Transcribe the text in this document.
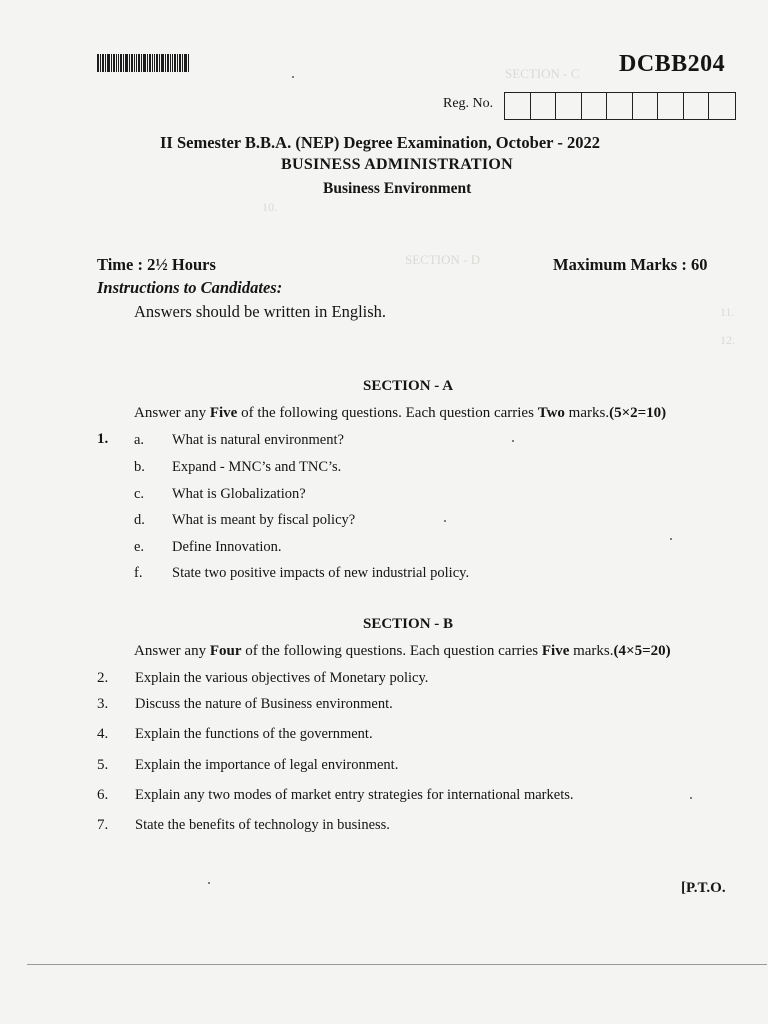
SECTION - C
10.
SECTION - D
11.
12.
DCBB204
Reg. No.
II Semester B.B.A. (NEP) Degree Examination, October - 2022
BUSINESS ADMINISTRATION
Business Environment
Time : 2½ Hours	Maximum Marks : 60
Instructions to Candidates:
Answers should be written in English.
SECTION - A
Answer any Five of the following questions. Each question carries Two marks.(5×2=10)
1. a. What is natural environment?
b. Expand - MNC’s and TNC’s.
c. What is Globalization?
d. What is meant by fiscal policy?
e. Define Innovation.
f. State two positive impacts of new industrial policy.
SECTION - B
Answer any Four of the following questions. Each question carries Five marks.(4×5=20)
2. Explain the various objectives of Monetary policy.
3. Discuss the nature of Business environment.
4. Explain the functions of the government.
5. Explain the importance of legal environment.
6. Explain any two modes of market entry strategies for international markets.
7. State the benefits of technology in business.
[P.T.O.
